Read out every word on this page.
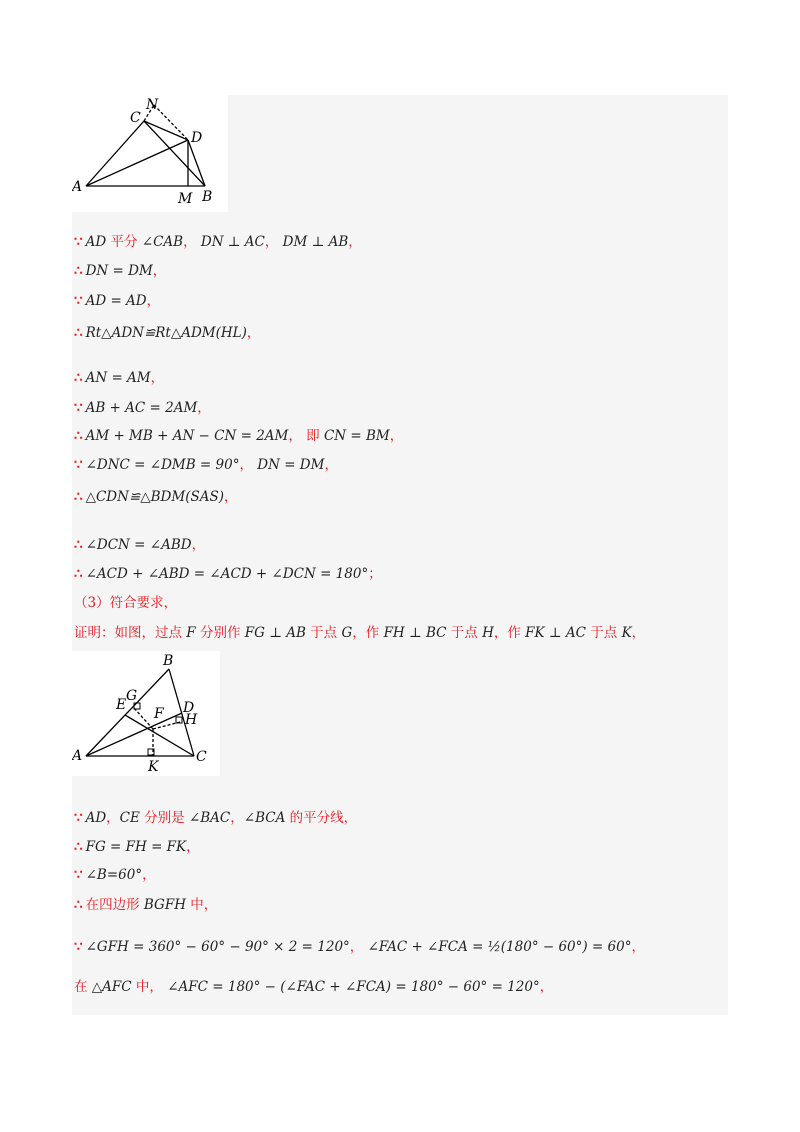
N
C
D
A
M B
B
G
E	D
H
F
A	C
K
∵ AD 平分 ∠CAB， DN ⊥ AC， DM ⊥ AB，
∴ DN = DM，
∵ AD = AD，
∴ Rt△ADN≌Rt△ADM(HL)，
∴ AN = AM，
∵ AB + AC = 2AM，
∴ AM + MB + AN − CN = 2AM， 即 CN = BM，
∵ ∠DNC = ∠DMB = 90°， DN = DM，
∴ △CDN≌△BDM(SAS)，
∴ ∠DCN = ∠ABD，
∴ ∠ACD + ∠ABD = ∠ACD + ∠DCN = 180°；
（3）符合要求，
证明：如图，过点 F 分别作 FG ⊥ AB 于点 G，作 FH ⊥ BC 于点 H，作 FK ⊥ AC 于点 K，
∵ AD，CE 分别是 ∠BAC，∠BCA 的平分线，
∴ FG = FH = FK，
∵ ∠B=60°，
∴ 在四边形 BGFH 中，
∵ ∠GFH = 360° − 60° − 90° × 2 = 120°， ∠FAC + ∠FCA = ½(180° − 60°) = 60°，
在 △AFC 中， ∠AFC = 180° − (∠FAC + ∠FCA) = 180° − 60° = 120°，
